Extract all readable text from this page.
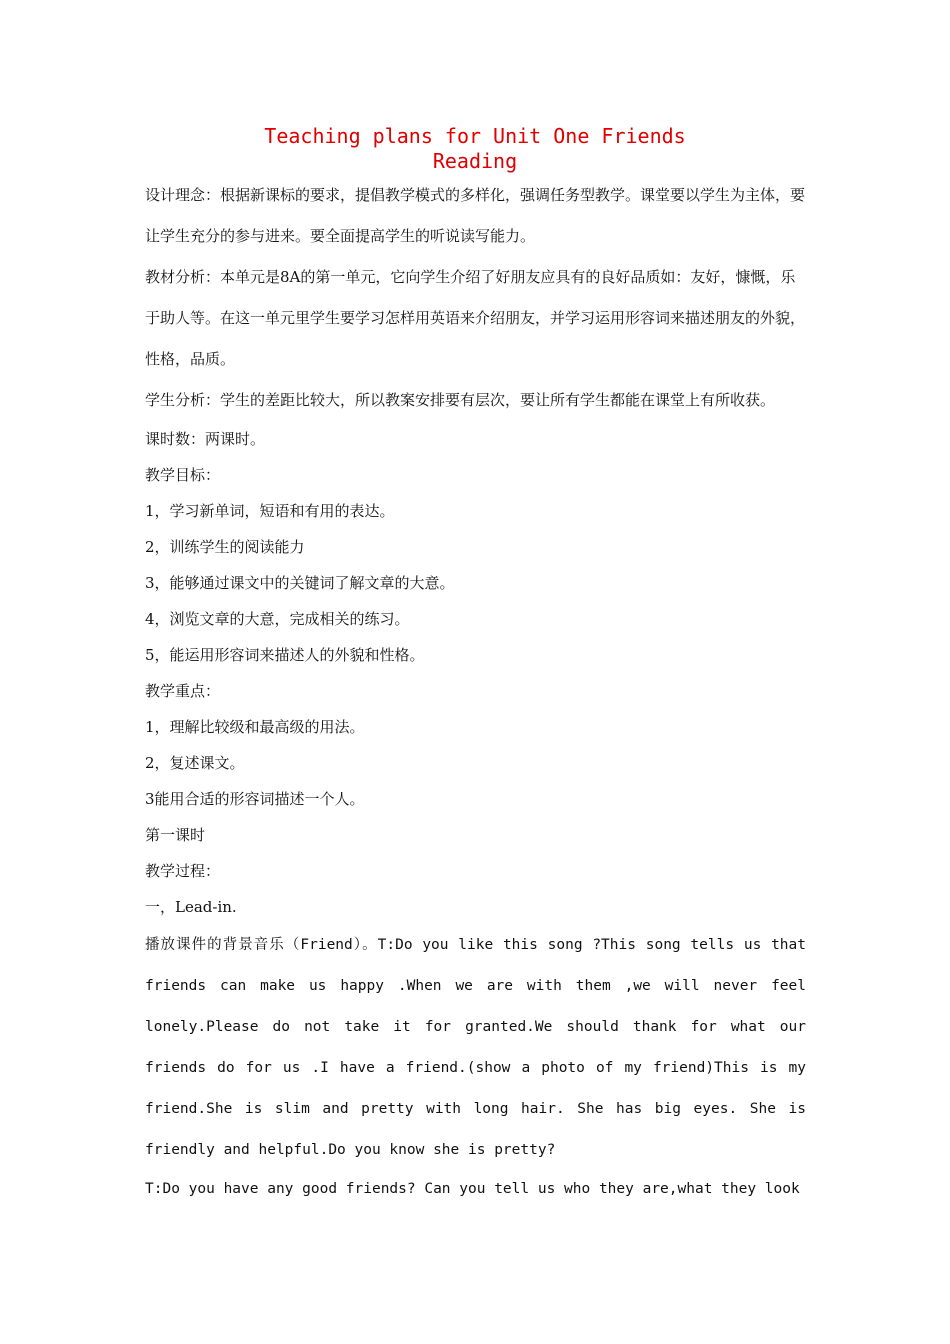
Teaching plans for Unit One Friends
Reading

设计理念：根据新课标的要求，提倡教学模式的多样化，强调任务型教学。课堂要以学生为主体，要让学生充分的参与进来。要全面提高学生的听说读写能力。

教材分析：本单元是8A的第一单元，它向学生介绍了好朋友应具有的良好品质如：友好，慷慨，乐于助人等。在这一单元里学生要学习怎样用英语来介绍朋友，并学习运用形容词来描述朋友的外貌，性格，品质。

学生分析：学生的差距比较大，所以教案安排要有层次，要让所有学生都能在课堂上有所收获。

课时数：两课时。

教学目标：

1，学习新单词，短语和有用的表达。

2，训练学生的阅读能力

3，能够通过课文中的关键词了解文章的大意。

4，浏览文章的大意，完成相关的练习。

5，能运用形容词来描述人的外貌和性格。

教学重点：

1，理解比较级和最高级的用法。

2，复述课文。

3能用合适的形容词描述一个人。

第一课时

教学过程：

一，Lead-in.

播放课件的背景音乐（Friend）。T:Do you like this song ?This song tells us that friends can make us happy .When we are with them ,we will never feel lonely.Please do not take it for granted.We should thank for what our friends do for us .I have a friend.(show a photo of my friend)This is my friend.She is slim and pretty with long hair. She has big eyes. She is friendly and helpful.Do you know she is pretty?

T:Do you have any good friends? Can you tell us who they are,what they look
